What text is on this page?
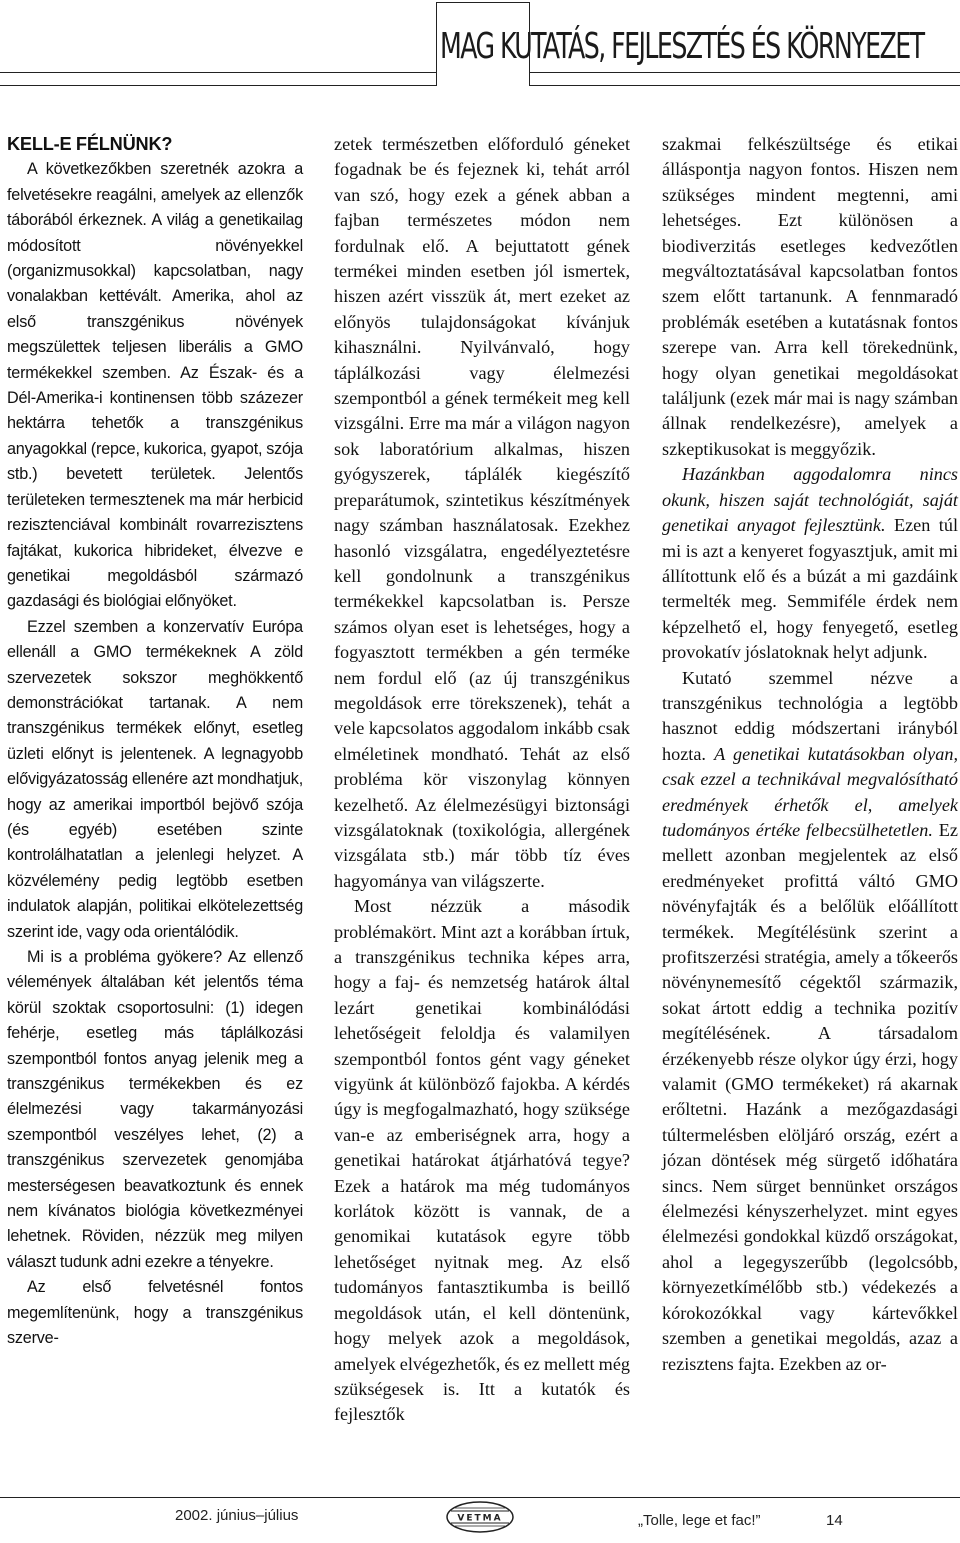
MAG KUTATÁS, FEJLESZTÉS ÉS KÖRNYEZET

KELL-E FÉLNÜNK?

A következőkben szeretnék azokra a felvetésekre reagálni, amelyek az ellenzők táborából érkeznek. A világ a genetikailag módosított növényekkel (organizmusokkal) kapcsolatban, nagy vonalakban kettévált. Amerika, ahol az első transzgénikus növények megszülettek teljesen liberális a GMO termékekkel szemben. Az Észak- és a Dél-Amerika-i kontinensen több százezer hektárra tehetők a transzgénikus anyagokkal (repce, kukorica, gyapot, szója stb.) bevetett területek. Jelentős területeken termesztenek ma már herbicid rezisztenciával kombinált rovarrezisztens fajtákat, kukorica hibrideket, élvezve e genetikai megoldásból származó gazdasági és biológiai előnyöket.

Ezzel szemben a konzervatív Európa ellenáll a GMO termékeknek A zöld szervezetek sokszor meghökkentő demonstrációkat tartanak. A nem transzgénikus termékek előnyt, esetleg üzleti előnyt is jelentenek. A legnagyobb elővigyázatosság ellenére azt mondhatjuk, hogy az amerikai importból bejövő szója (és egyéb) esetében szinte kontrolálhatatlan a jelenlegi helyzet. A közvélemény pedig legtöbb esetben indulatok alapján, politikai elkötelezettség szerint ide, vagy oda orientálódik.

Mi is a probléma gyökere? Az ellenző vélemények általában két jelentős téma körül szoktak csoportosulni: (1) idegen fehérje, esetleg más táplálkozási szempontból fontos anyag jelenik meg a transzgénikus termékekben és ez élelmezési vagy takarmányozási szempontból veszélyes lehet, (2) a transzgénikus szervezetek genomjába mesterségesen beavatkoztunk és ennek nem kívánatos biológia következményei lehetnek. Röviden, nézzük meg milyen választ tudunk adni ezekre a tényekre.

Az első felvetésnél fontos megemlítenünk, hogy a transzgénikus szerve-

zetek természetben előforduló géneket fogadnak be és fejeznek ki, tehát arról van szó, hogy ezek a gének abban a fajban természetes módon nem fordulnak elő. A bejuttatott gének termékei minden esetben jól ismertek, hiszen azért visszük át, mert ezeket az előnyös tulajdonságokat kívánjuk kihasználni. Nyilvánvaló, hogy táplálkozási vagy élelmezési szempontból a gének termékeit meg kell vizsgálni. Erre ma már a világon nagyon sok laboratórium alkalmas, hiszen gyógyszerek, táplálék kiegészítő preparátumok, szintetikus készítmények nagy számban használatosak. Ezekhez hasonló vizsgálatra, engedélyeztetésre kell gondolnunk a transzgénikus termékekkel kapcsolatban is. Persze számos olyan eset is lehetséges, hogy a fogyasztott termékben a gén terméke nem fordul elő (az új transzgénikus megoldások erre törekszenek), tehát a vele kapcsolatos aggodalom inkább csak elméletinek mondható. Tehát az első probléma kör viszonylag könnyen kezelhető. Az élelmezésügyi biztonsági vizsgálatoknak (toxikológia, allergének vizsgálata stb.) már több tíz éves hagyománya van világszerte.

Most nézzük a második problémakört. Mint azt a korábban írtuk, a transzgénikus technika képes arra, hogy a faj- és nemzetség határok által lezárt genetikai kombinálódási lehetőségeit feloldja és valamilyen szempontból fontos gént vagy géneket vigyünk át különböző fajokba. A kérdés úgy is megfogalmazható, hogy szüksége van-e az emberiségnek arra, hogy a genetikai határokat átjárhatóvá tegye? Ezek a határok ma még tudományos korlátok között is vannak, de a genomikai kutatások egyre több lehetőséget nyitnak meg. Az első tudományos fantasztikumba is beillő megoldások után, el kell döntenünk, hogy melyek azok a megoldások, amelyek elvégezhetők, és ez mellett még szükségesek is. Itt a kutatók és fejlesztők

szakmai felkészültsége és etikai álláspontja nagyon fontos. Hiszen nem szükséges mindent megtenni, ami lehetséges. Ezt különösen a biodiverzitás esetleges kedvezőtlen megváltoztatásával kapcsolatban fontos szem előtt tartanunk. A fennmaradó problémák esetében a kutatásnak fontos szerepe van. Arra kell törekednünk, hogy olyan genetikai megoldásokat találjunk (ezek már mai is nagy számban állnak rendelkezésre), amelyek a szkeptikusokat is meggyőzik.

Hazánkban aggodalomra nincs okunk, hiszen saját technológiát, saját genetikai anyagot fejlesztünk. Ezen túl mi is azt a kenyeret fogyasztjuk, amit mi állítottunk elő és a búzát a mi gazdáink termelték meg. Semmiféle érdek nem képzelhető el, hogy fenyegető, esetleg provokatív jóslatoknak helyt adjunk.

Kutató szemmel nézve a transzgénikus technológia a legtöbb hasznot eddig módszertani irányból hozta. A genetikai kutatásokban olyan, csak ezzel a technikával megvalósítható eredmények érhetők el, amelyek tudományos értéke felbecsülhetetlen. Ez mellett azonban megjelentek az első eredményeket profittá váltó GMO növényfajták és a belőlük előállított termékek. Megítélésünk szerint a profitszerzési stratégia, amely a tőkeerős növénynemesítő cégektől származik, sokat ártott eddig a technika pozitív megítélésének. A társadalom érzékenyebb része olykor úgy érzi, hogy valamit (GMO termékeket) rá akarnak erőltetni. Hazánk a mezőgazdasági túltermelésben elöljáró ország, ezért a józan döntések még sürgető időhatára sincs. Nem sürget bennünket országos élelmezési kényszerhelyzet. mint egyes élelmezési gondokkal küzdő országokat, ahol a legegyszerűbb (legolcsóbb, környezetkímélőbb stb.) védekezés a kórokozókkal vagy kártevőkkel szemben a genetikai megoldás, azaz a rezisztens fajta. Ezekben az or-

2002. június–július	VETMA	„Tolle, lege et fac!”	14
